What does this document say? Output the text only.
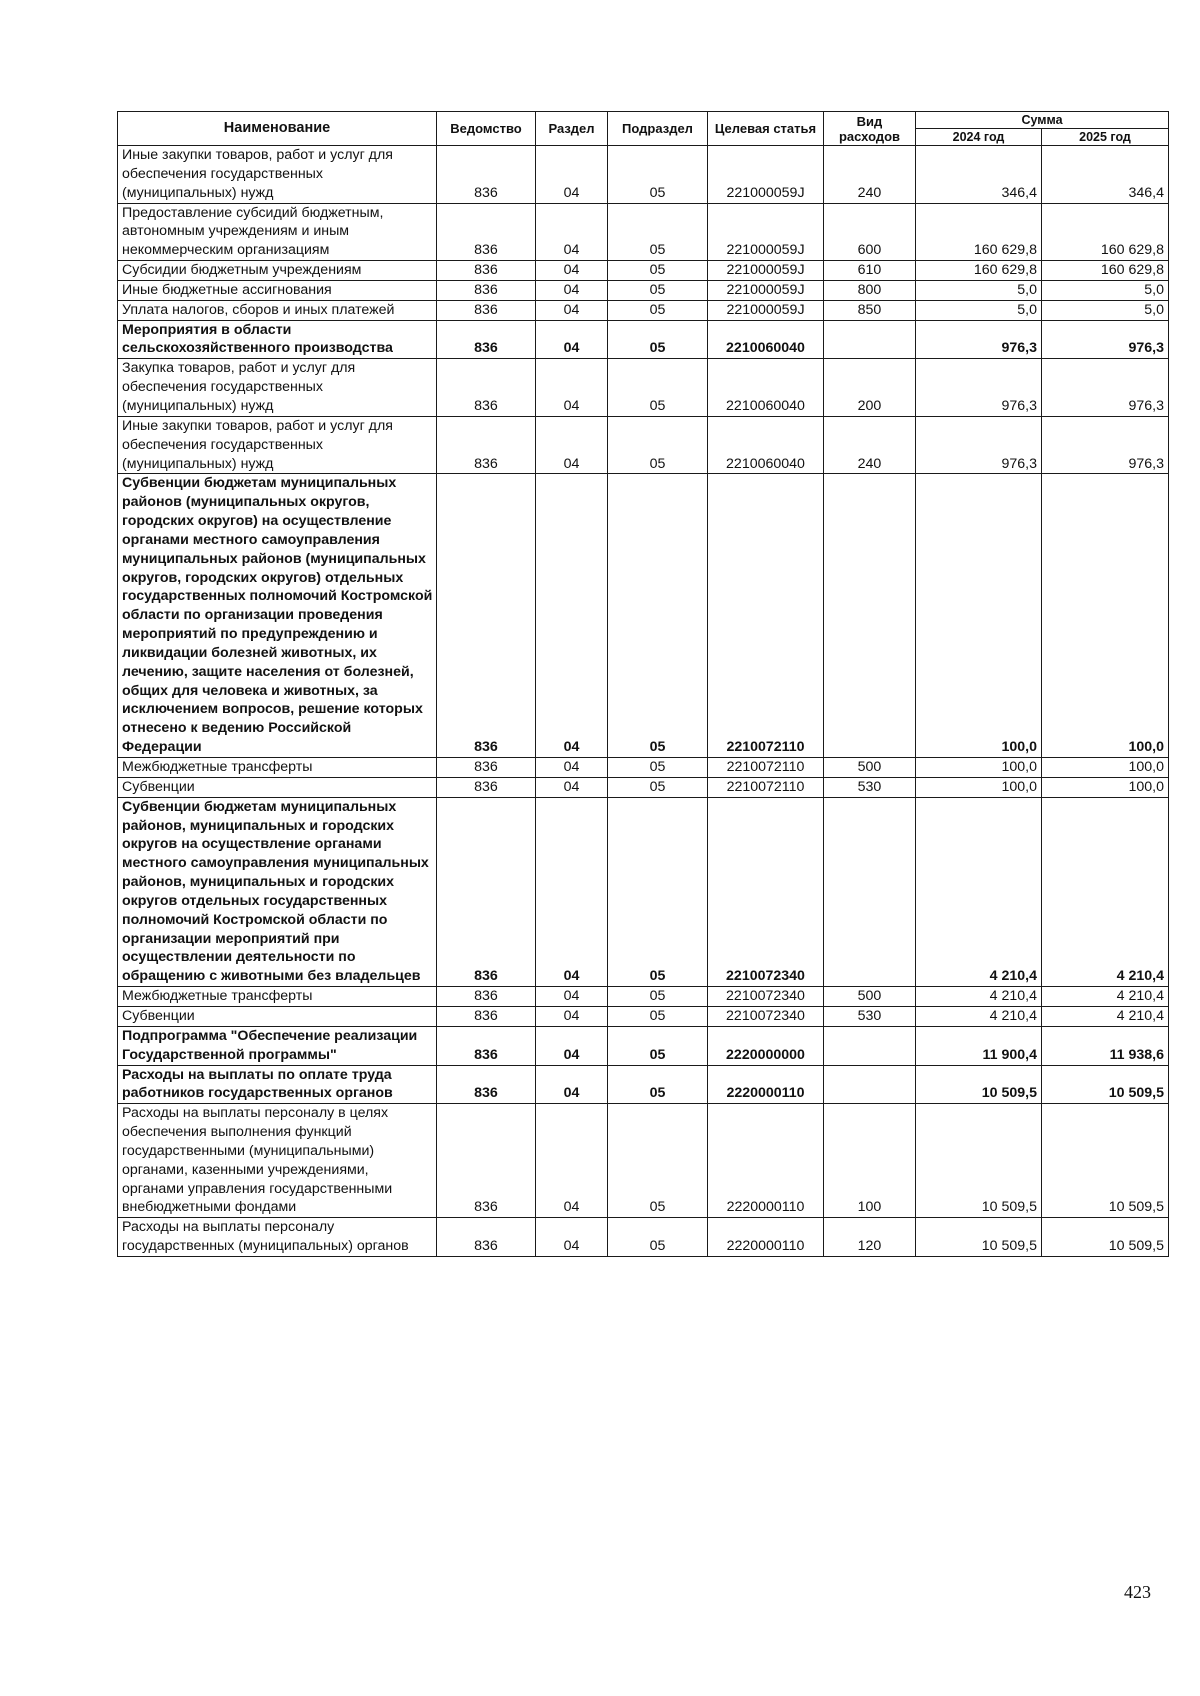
Наименование	Ведомство	Раздел	Подраздел	Целевая статья	Вид расходов	Сумма	
						2024 год	2025 год
Иные закупки товаров, работ и услуг для обеспечения государственных (муниципальных) нужд	836	04	05	221000059J	240	346,4	346,4
Предоставление субсидий бюджетным, автономным учреждениям и иным некоммерческим организациям	836	04	05	221000059J	600	160 629,8	160 629,8
Субсидии бюджетным учреждениям	836	04	05	221000059J	610	160 629,8	160 629,8
Иные бюджетные ассигнования	836	04	05	221000059J	800	5,0	5,0
Уплата налогов, сборов и иных платежей	836	04	05	221000059J	850	5,0	5,0
Мероприятия в области сельскохозяйственного производства	836	04	05	2210060040		976,3	976,3
Закупка товаров, работ и услуг для обеспечения государственных (муниципальных) нужд	836	04	05	2210060040	200	976,3	976,3
Иные закупки товаров, работ и услуг для обеспечения государственных (муниципальных) нужд	836	04	05	2210060040	240	976,3	976,3
Субвенции бюджетам муниципальных районов (муниципальных округов, городских округов) на осуществление органами местного самоуправления муниципальных районов (муниципальных округов, городских округов) отдельных государственных полномочий Костромской области по организации проведения мероприятий по предупреждению и ликвидации болезней животных, их лечению, защите населения от болезней, общих для человека и животных, за исключением вопросов, решение которых отнесено к ведению Российской Федерации	836	04	05	2210072110		100,0	100,0
Межбюджетные трансферты	836	04	05	2210072110	500	100,0	100,0
Субвенции	836	04	05	2210072110	530	100,0	100,0
Субвенции бюджетам муниципальных районов, муниципальных и городских округов на осуществление органами местного самоуправления муниципальных районов, муниципальных и городских округов отдельных государственных полномочий Костромской области по организации мероприятий при осуществлении деятельности по обращению с животными без владельцев	836	04	05	2210072340		4 210,4	4 210,4
Межбюджетные трансферты	836	04	05	2210072340	500	4 210,4	4 210,4
Субвенции	836	04	05	2210072340	530	4 210,4	4 210,4
Подпрограмма "Обеспечение реализации Государственной программы"	836	04	05	2220000000		11 900,4	11 938,6
Расходы на выплаты по оплате труда работников государственных органов	836	04	05	2220000110		10 509,5	10 509,5
Расходы на выплаты персоналу в целях обеспечения выполнения функций государственными (муниципальными) органами, казенными учреждениями, органами управления государственными внебюджетными фондами	836	04	05	2220000110	100	10 509,5	10 509,5
Расходы на выплаты персоналу государственных (муниципальных) органов	836	04	05	2220000110	120	10 509,5	10 509,5
423
